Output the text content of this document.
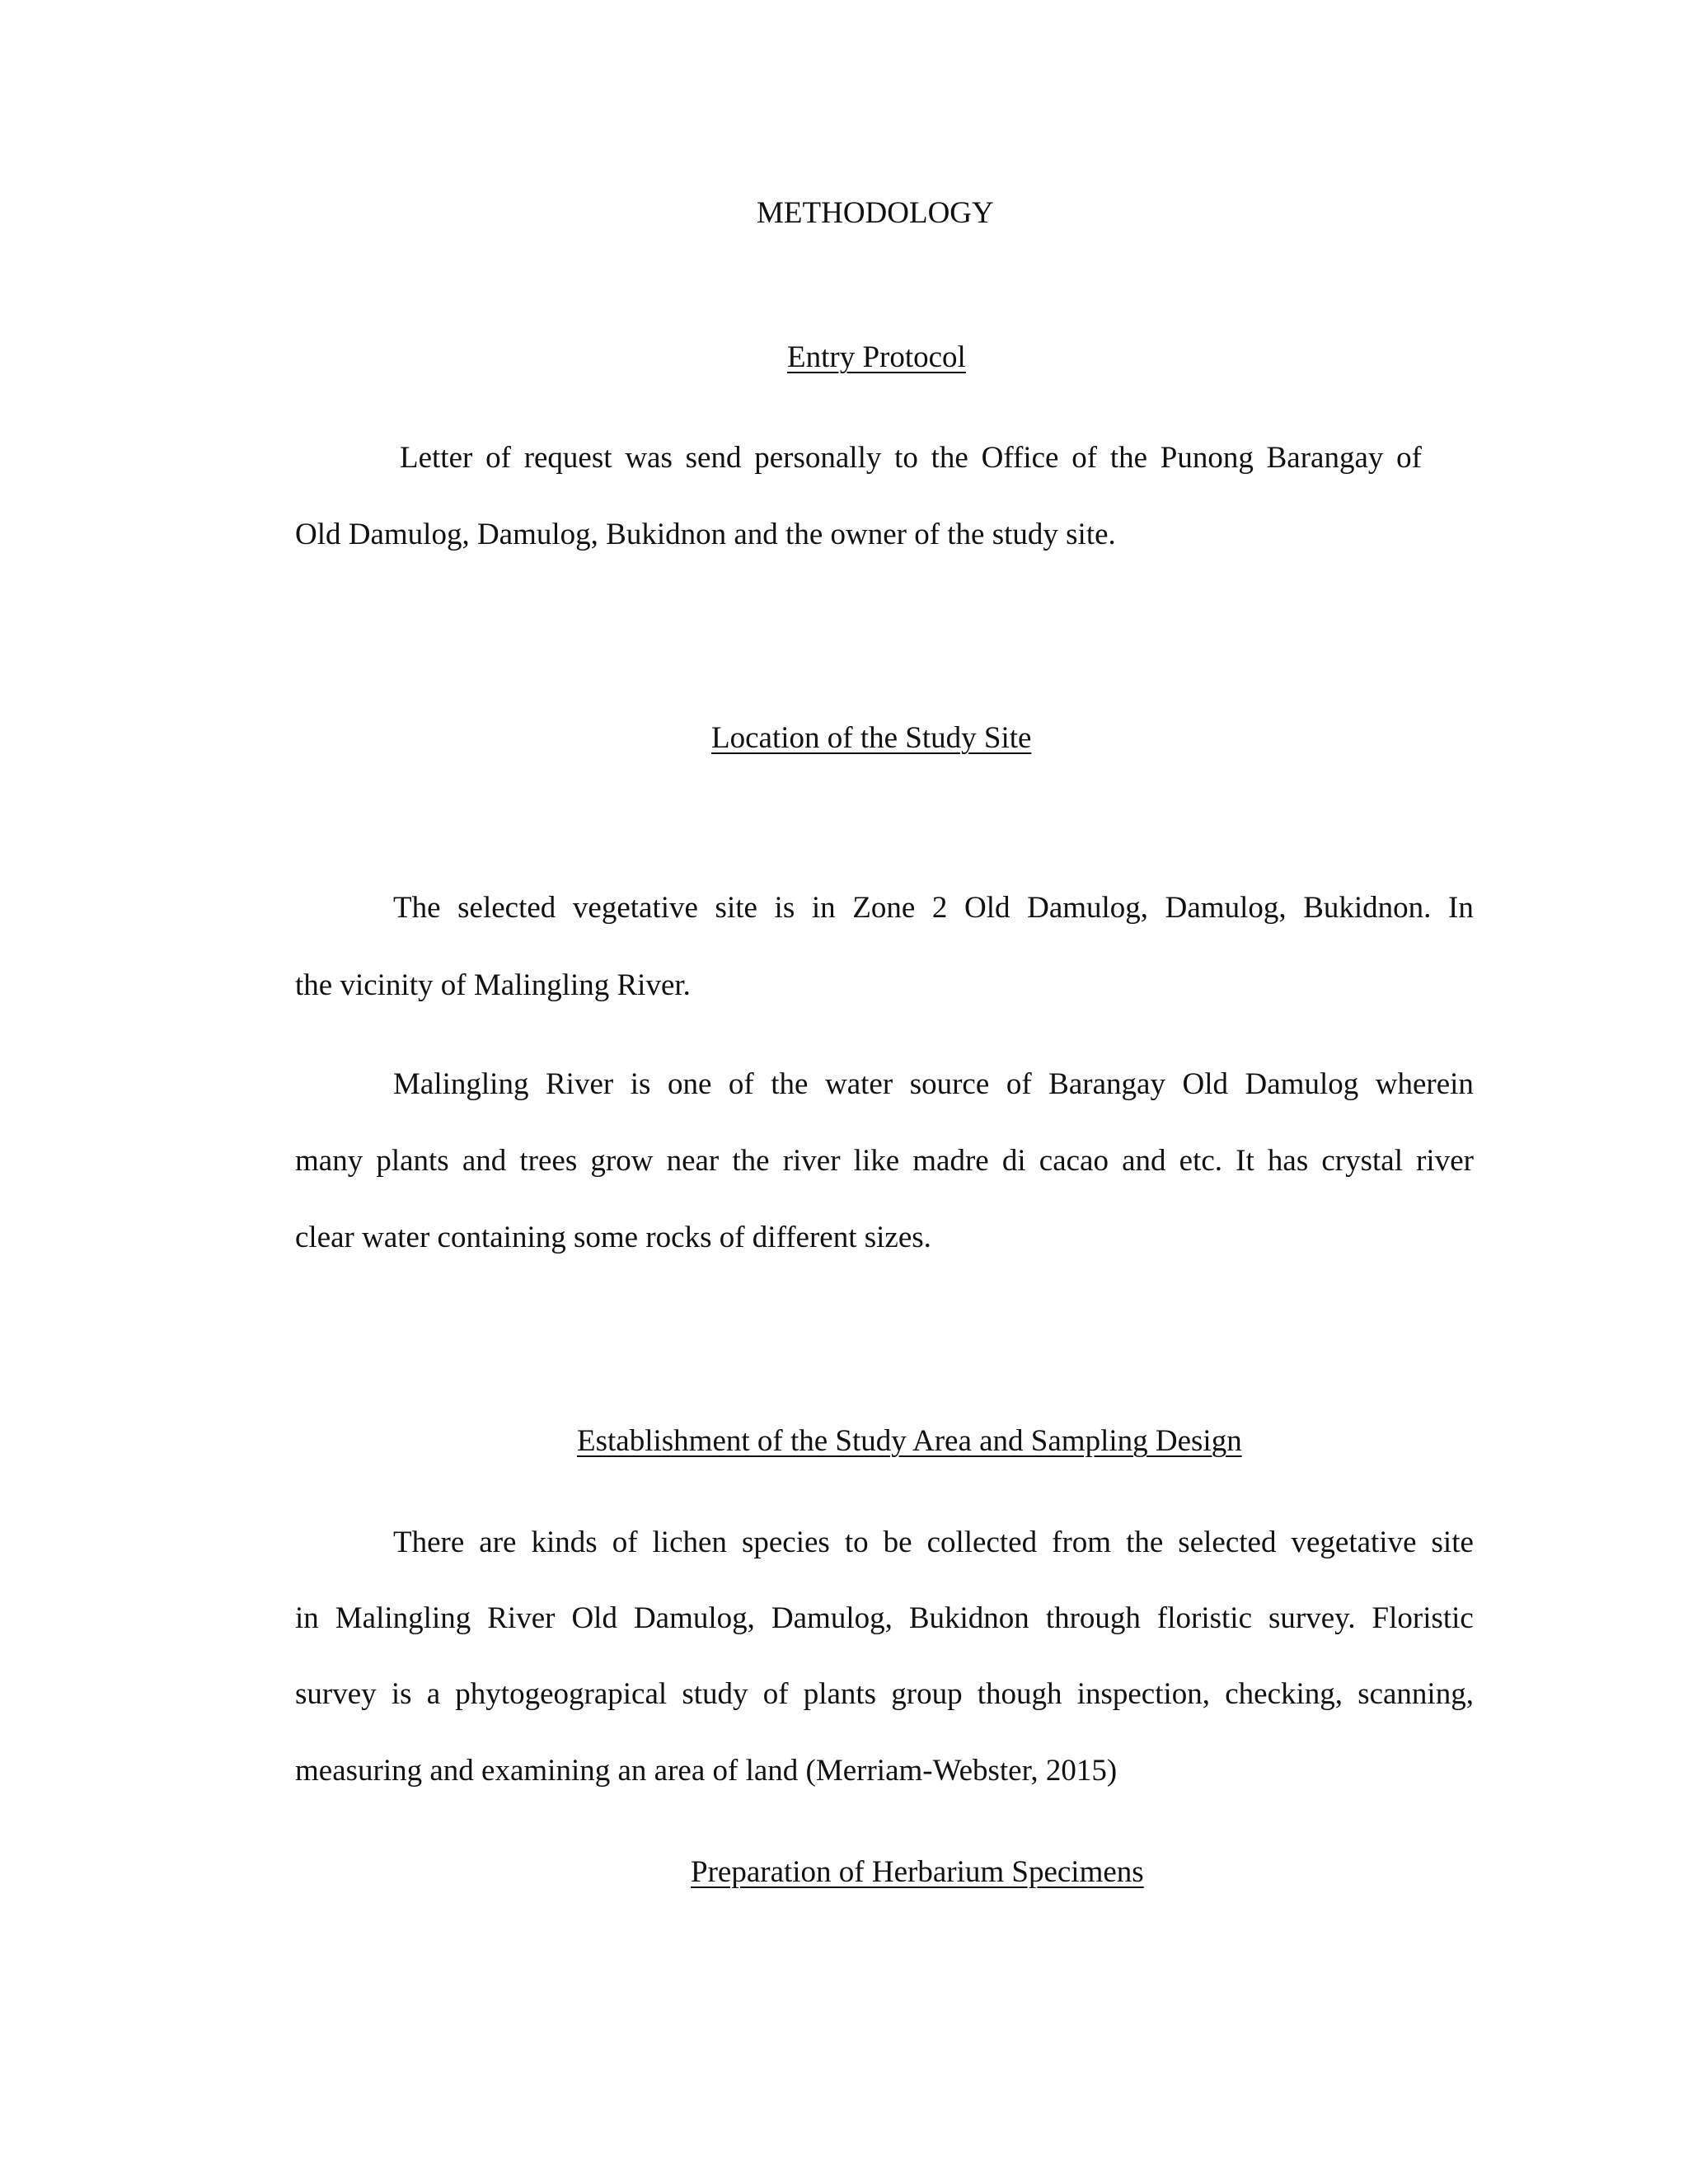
METHODOLOGY
Entry Protocol
Letter of request was send personally to the Office of the Punong Barangay of
Old Damulog, Damulog, Bukidnon and the owner of the study site.
Location of the Study Site
The selected vegetative site is in Zone 2 Old Damulog, Damulog, Bukidnon. In
the vicinity of Malingling River.
Malingling River is one of the water source of Barangay Old Damulog wherein
many plants and trees grow near the river like madre di cacao and etc. It has crystal river
clear water containing some rocks of different sizes.
Establishment of the Study Area and Sampling Design
There are kinds of lichen species to be collected from the selected vegetative site
in Malingling River Old Damulog, Damulog, Bukidnon through floristic survey. Floristic
survey is a phytogeograpical study of plants group though inspection, checking, scanning,
measuring and examining an area of land (Merriam-Webster, 2015)
Preparation of Herbarium Specimens
